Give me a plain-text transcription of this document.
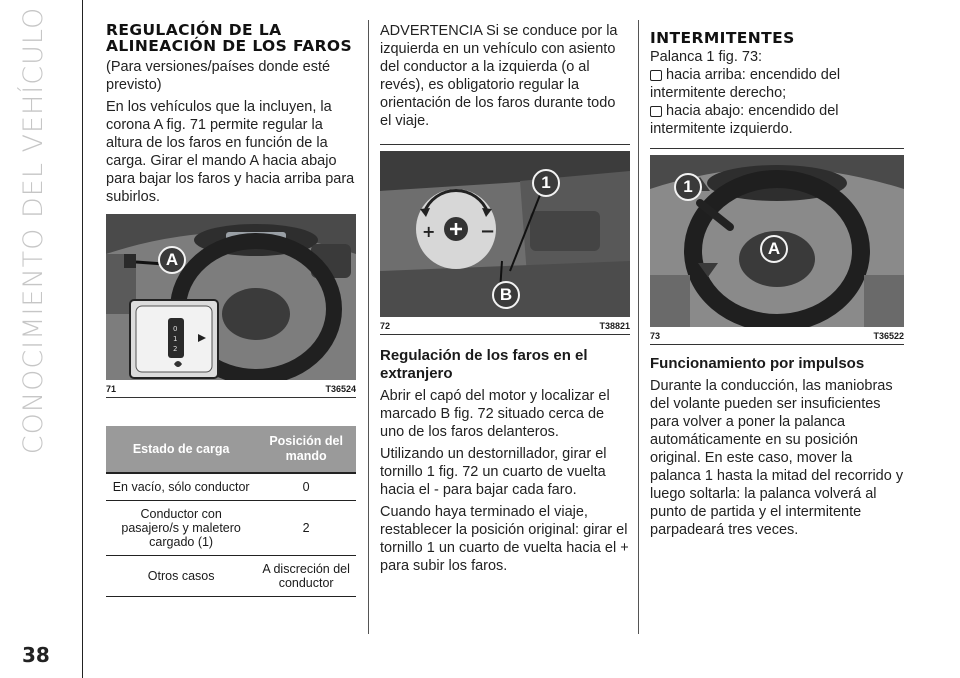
CONOCIMIENTO DEL VEHÍCULO
38
REGULACIÓN DE LA ALINEACIÓN DE LOS FAROS

(Para versiones/países donde esté previsto)

En los vehículos que la incluyen, la corona A fig. 71 permite regular la altura de los faros en función de la carga. Girar el mando A hacia abajo para bajar los faros y hacia arriba para subirlos.

0
1
2
A
71	T36524
Estado de carga	Posición del mando
En vacío, sólo conductor	0
Conductor con pasajero/s y maletero cargado (1)	2
Otros casos	A discreción del conductor

ADVERTENCIA Si se conduce por la izquierda en un vehículo con asiento del conductor a la izquierda (o al revés), es obligatorio regular la orientación de los faros durante todo el viaje.

+ −
1
B
72	T38821
Regulación de los faros en el extranjero

Abrir el capó del motor y localizar el marcado B fig. 72 situado cerca de uno de los faros delanteros.

Utilizando un destornillador, girar el tornillo 1 fig. 72 un cuarto de vuelta hacia el - para bajar cada faro.

Cuando haya terminado el viaje, restablecer la posición original: girar el tornillo 1 un cuarto de vuelta hacia el + para subir los faros.

INTERMITENTES

Palanca 1 fig. 73:

hacia arriba: encendido del

intermitente derecho;

hacia abajo: encendido del

intermitente izquierdo.

1
A
73	T36522
Funcionamiento por impulsos

Durante la conducción, las maniobras del volante pueden ser insuficientes para volver a poner la palanca automáticamente en su posición original. En este caso, mover la palanca 1 hasta la mitad del recorrido y luego soltarla: la palanca volverá al punto de partida y el intermitente parpadeará tres veces.
